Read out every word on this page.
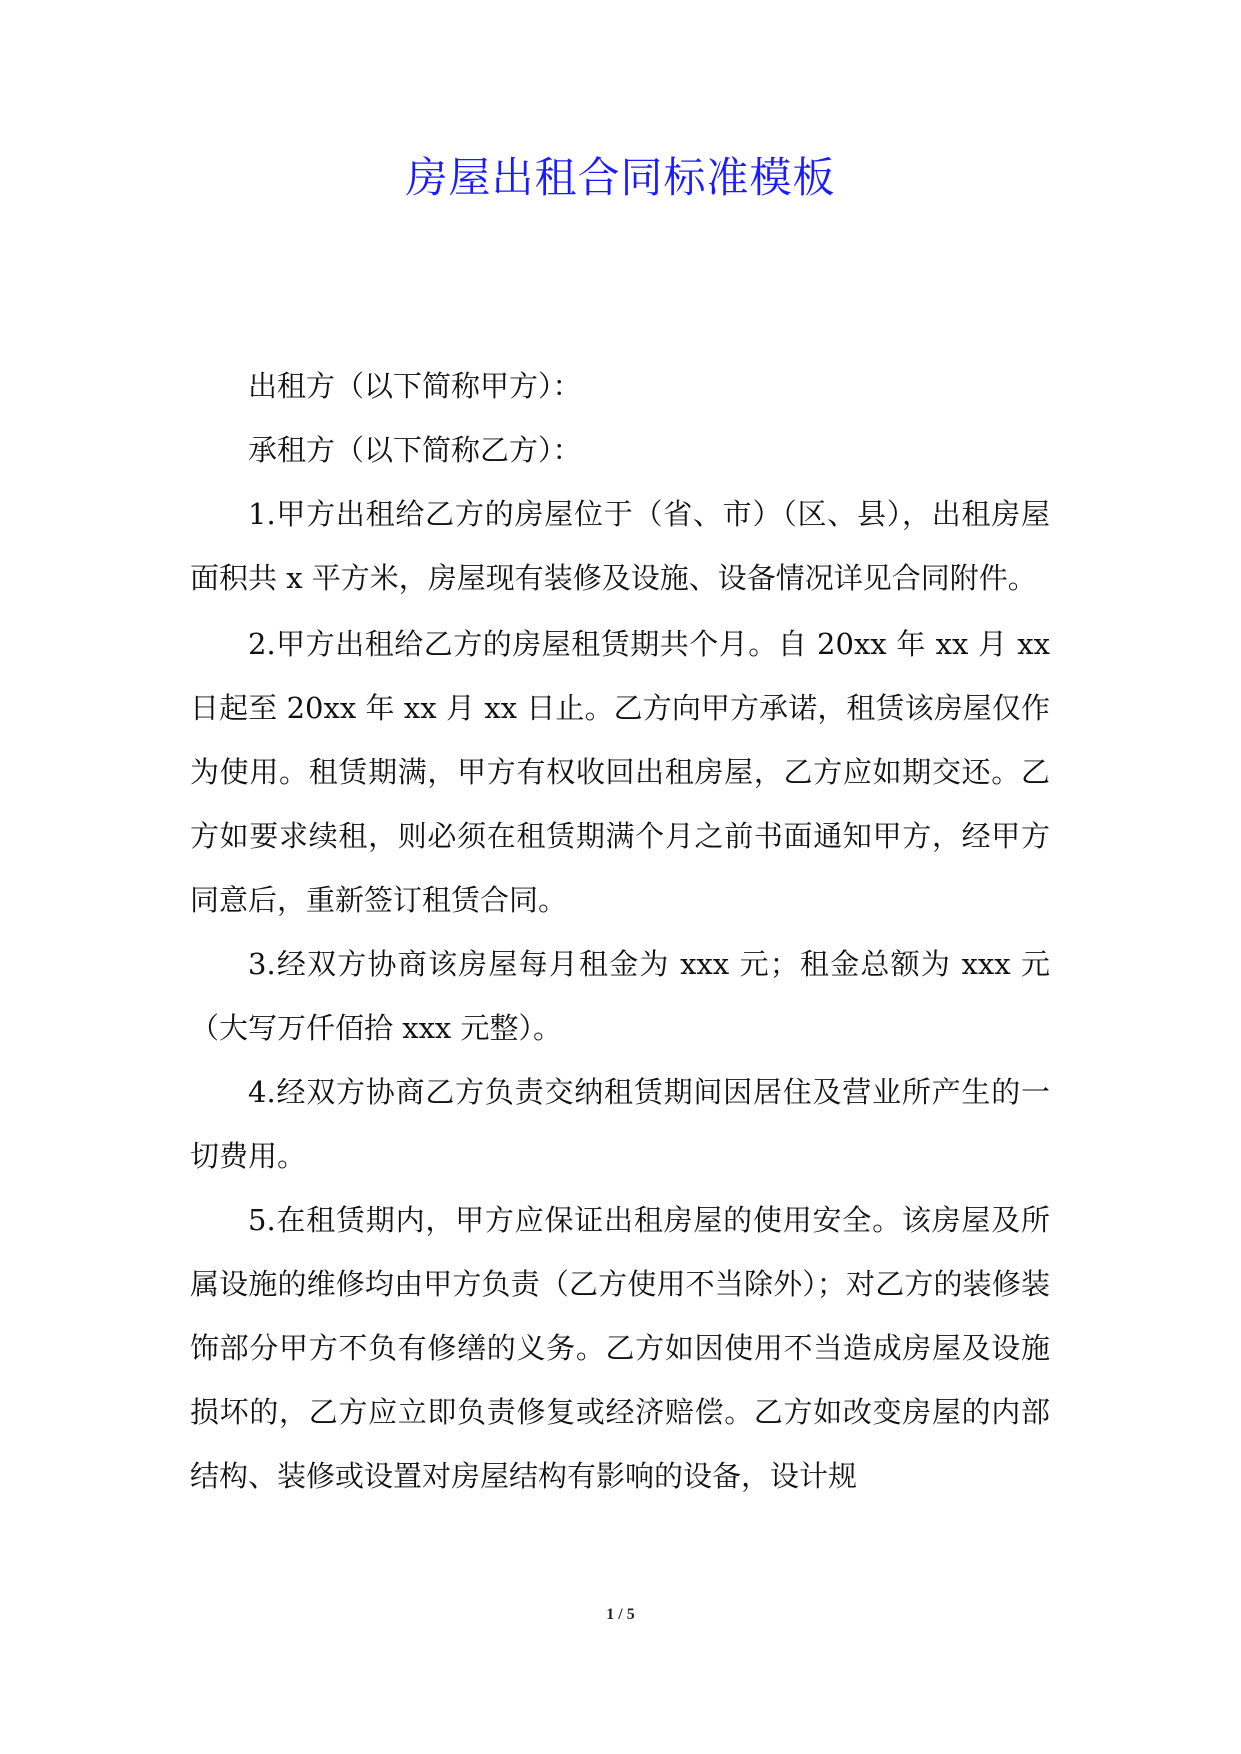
房屋出租合同标准模板

出租方（以下简称甲方）：

承租方（以下简称乙方）：

1.甲方出租给乙方的房屋位于（省、市）（区、县），出租房屋面积共 x 平方米，房屋现有装修及设施、设备情况详见合同附件。

2.甲方出租给乙方的房屋租赁期共个月。自 20xx 年 xx 月 xx 日起至 20xx 年 xx 月 xx 日止。乙方向甲方承诺，租赁该房屋仅作为使用。租赁期满，甲方有权收回出租房屋，乙方应如期交还。乙方如要求续租，则必须在租赁期满个月之前书面通知甲方，经甲方同意后，重新签订租赁合同。

3.经双方协商该房屋每月租金为 xxx 元；租金总额为 xxx 元（大写万仟佰拾 xxx 元整）。

4.经双方协商乙方负责交纳租赁期间因居住及营业所产生的一切费用。

5.在租赁期内，甲方应保证出租房屋的使用安全。该房屋及所属设施的维修均由甲方负责（乙方使用不当除外）；对乙方的装修装饰部分甲方不负有修缮的义务。乙方如因使用不当造成房屋及设施损坏的，乙方应立即负责修复或经济赔偿。乙方如改变房屋的内部结构、装修或设置对房屋结构有影响的设备，设计规

1 / 5
